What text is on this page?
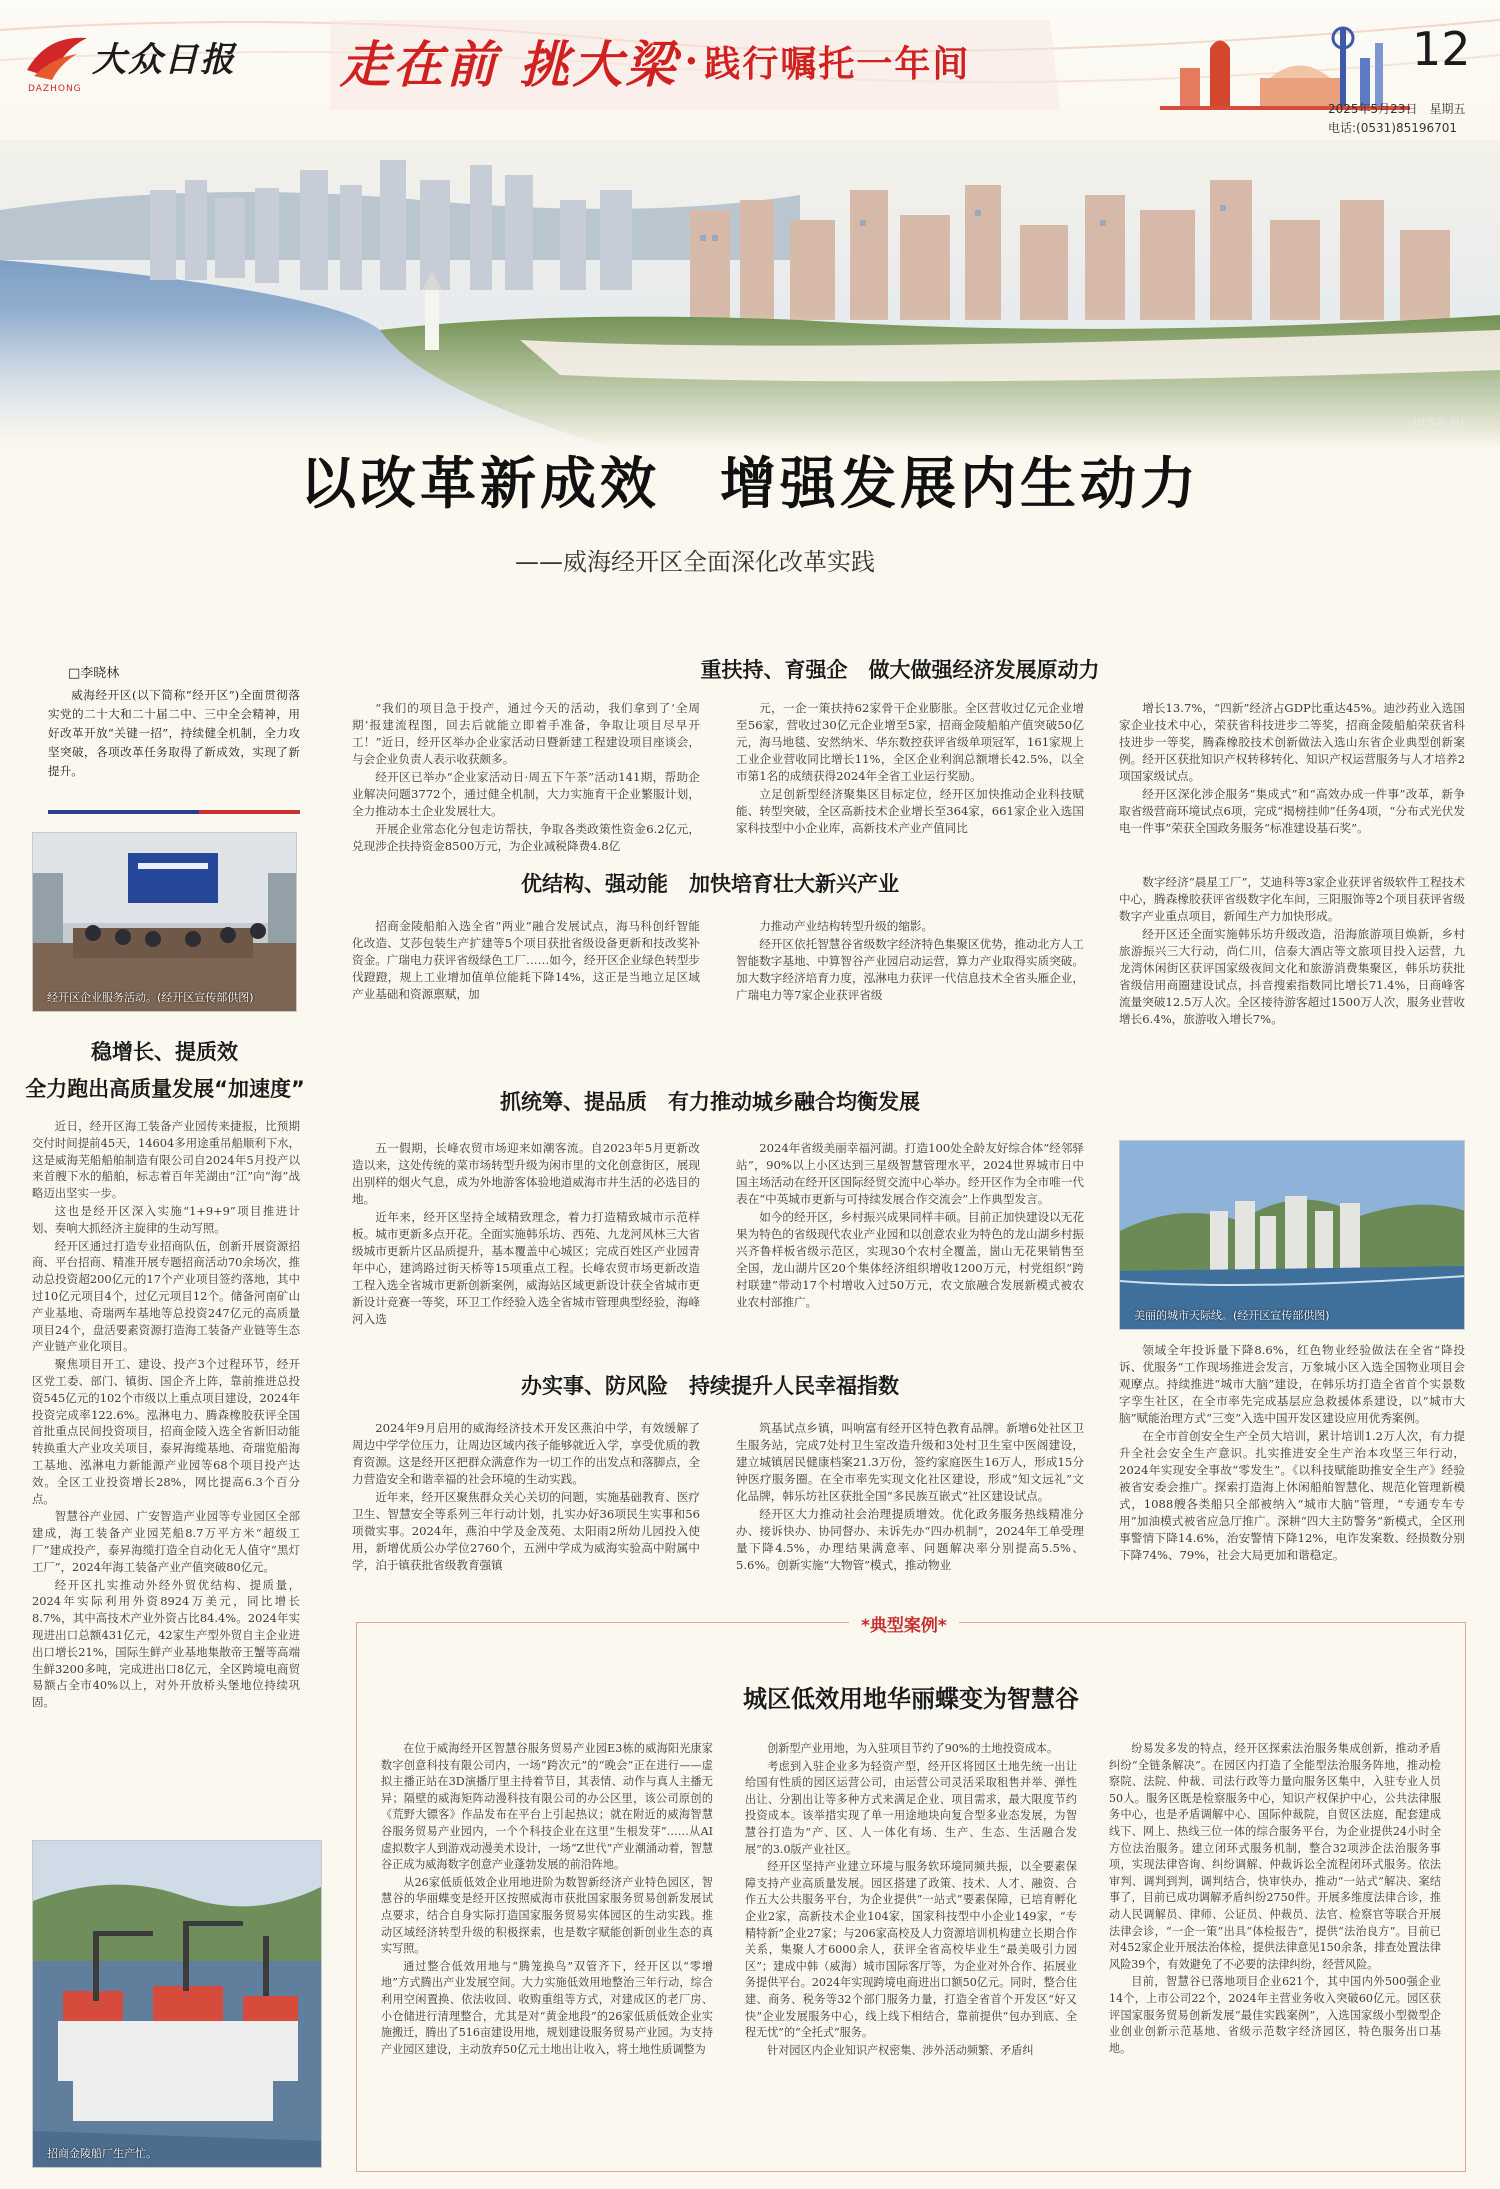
大众日报
DAZHONG	走在前 挑大梁 · 践行嘱托一年间	12
2025年5月23日　星期五
电话:(0531)85196701
(沈安妮 摄)
以改革新成效　增强发展内生动力
——威海经开区全面深化改革实践
□李晓林
威海经开区(以下简称“经开区”)全面贯彻落实党的二十大和二十届二中、三中全会精神，用好改革开放“关键一招”，持续健全机制，全力攻坚突破，各项改革任务取得了新成效，实现了新提升。
经开区企业服务活动。(经开区宣传部供图)
稳增长、提质效
全力跑出高质量发展“加速度”

近日，经开区海工装备产业园传来捷报，比预期交付时间提前45天，14604多用途重吊船顺利下水，这是威海芜船船舶制造有限公司自2024年5月投产以来首艘下水的船舶，标志着百年芜湖由“江”向“海”战略迈出坚实一步。

这也是经开区深入实施“1+9+9”项目推进计划、奏响大抓经济主旋律的生动写照。

经开区通过打造专业招商队伍，创新开展资源招商、平台招商、精准开展专题招商活动70余场次，推动总投资超200亿元的17个产业项目签约落地，其中过10亿元项目4个，过亿元项目12个。储备河南矿山产业基地、奇瑞两车基地等总投资247亿元的高质量项目24个，盘活要素资源打造海工装备产业链等生态产业链产业化项目。

聚焦项目开工、建设、投产3个过程环节，经开区党工委、部门、镇街、国企齐上阵，靠前推进总投资545亿元的102个市级以上重点项目建设，2024年投资完成率122.6%。泓淋电力、腾森橡胶获评全国首批重点民间投资项目，招商金陵入选全省新旧动能转换重大产业攻关项目，泰昇海缆基地、奇瑞览船海工基地、泓淋电力新能源产业园等68个项目投产达效。全区工业投资增长28%，网比提高6.3个百分点。

智慧谷产业园、广安智造产业园等专业园区全部建成，海工装备产业园芜船8.7万平方米“超级工厂”建成投产，泰昇海缆打造全自动化无人值守“黑灯工厂”，2024年海工装备产业产值突破80亿元。

经开区扎实推动外经外贸优结构、提质量，2024年实际利用外资8924万美元，同比增长8.7%，其中高技术产业外资占比84.4%。2024年实现进出口总额431亿元，42家生产型外贸自主企业进出口增长21%，国际生鲜产业基地集散帝王蟹等高端生鲜3200多吨，完成进出口8亿元，全区跨境电商贸易额占全市40%以上，对外开放桥头堡地位持续巩固。

招商金陵船厂生产忙。
重扶持、育强企　做大做强经济发展原动力

“我们的项目急于投产，通过今天的活动，我们拿到了‘全周期’报建流程图，回去后就能立即着手准备，争取让项目尽早开工！”近日，经开区举办企业家活动日暨新建工程建设项目座谈会，与会企业负责人表示收获颇多。

经开区已举办“企业家活动日·周五下午茶”活动141期，帮助企业解决问题3772个，通过健全机制，大力实施育干企业繁服计划，全力推动本土企业发展壮大。

开展企业常态化分包走访帮扶，争取各类政策性资金6.2亿元，兑现涉企扶持资金8500万元，为企业减税降费4.8亿

元，一企一策扶持62家骨干企业膨胀。全区营收过亿元企业增至56家，营收过30亿元企业增至5家，招商金陵船舶产值突破50亿元，海马地毯、安然纳米、华东数控获评省级单项冠军，161家规上工业企业营收同比增长11%，全区企业利润总额增长42.5%，以全市第1名的成绩获得2024年全省工业运行奖励。

立足创新型经济聚集区目标定位，经开区加快推动企业科技赋能、转型突破，全区高新技术企业增长至364家，661家企业入选国家科技型中小企业库，高新技术产业产值同比

增长13.7%，“四新”经济占GDP比重达45%。迪沙药业入选国家企业技术中心，荣获省科技进步二等奖，招商金陵船舶荣获省科技进步一等奖，腾森橡胶技术创新做法入选山东省企业典型创新案例。经开区获批知识产权转移转化、知识产权运营服务与人才培养2项国家级试点。

经开区深化涉企服务“集成式”和“高效办成一件事”改革，新争取省级营商环境试点6项，完成“揭榜挂帅”任务4项，“分布式光伏发电一件事”荣获全国政务服务“标准建设基石奖”。

优结构、强动能　加快培育壮大新兴产业

招商金陵船舶入选全省“两业”融合发展试点，海马科创纤智能化改造、艾莎包装生产扩建等5个项目获批省级设备更新和技改奖补资金。广瑞电力获评省级绿色工厂……如今，经开区企业绿色转型步伐蹬蹬，规上工业增加值单位能耗下降14%，这正是当地立足区域产业基础和资源禀赋，加

力推动产业结构转型升级的缩影。

经开区依托智慧谷省级数字经济特色集聚区优势，推动北方人工智能数字基地、中算智谷产业园启动运营，算力产业取得实质突破。加大数字经济培育力度，泓淋电力获评一代信息技术全省头雁企业，广瑞电力等7家企业获评省级

数字经济“晨星工厂”，艾迪科等3家企业获评省级软件工程技术中心，腾森橡胶获评省级数字化车间，三阳服饰等2个项目获评省级数字产业重点项目，新闻生产力加快形成。

经开区还全面实施韩乐坊升级改造，沿海旅游项目焕新，乡村旅游振兴三大行动，尚仁川，信泰大酒店等文旅项目投入运营，九龙湾休闲街区获评国家级夜间文化和旅游消费集聚区，韩乐坊获批省级信用商圈建设试点，抖音搜索指数同比增长71.4%，日商峰客流量突破12.5万人次。全区接待游客超过1500万人次，服务业营收增长6.4%，旅游收入增长7%。

抓统筹、提品质　有力推动城乡融合均衡发展

五一假期，长峰农贸市场迎来如潮客流。自2023年5月更新改造以来，这处传统的菜市场转型升级为闲市里的文化创意街区，展现出别样的烟火气息，成为外地游客体验地道威海市井生活的必选目的地。

近年来，经开区坚持全域精致理念，着力打造精致城市示范样板。城市更新多点开花。全面实施韩乐坊、西苑、九龙河风林三大省级城市更新片区品质提升，基本覆盖中心城区；完成百姓区产业园青年中心，建鸿路过街天桥等15项重点工程。长峰农贸市场更新改造工程入选全省城市更新创新案例，威海站区域更新设计获全省城市更新设计竞赛一等奖，环卫工作经验入选全省城市管理典型经验，海峰河入选

2024年省级美丽幸福河湖。打造100处全龄友好综合体“经邻驿站”，90%以上小区达到三星级智慧管理水平，2024世界城市日中国主场活动在经开区国际经贸交流中心举办。经开区作为全市唯一代表在“中英城市更新与可持续发展合作交流会”上作典型发言。

如今的经开区，乡村振兴成果同样丰硕。目前正加快建设以无花果为特色的省级现代农业产业园和以创意农业为特色的龙山湖乡村振兴齐鲁样板省级示范区，实现30个农村全覆盖，崮山无花果销售至全国，龙山湖片区20个集体经济组织增收1200万元，村党组织“跨村联建”带动17个村增收入过50万元，农文旅融合发展新模式被农业农村部推广。

美丽的城市天际线。(经开区宣传部供图)
办实事、防风险　持续提升人民幸福指数

2024年9月启用的威海经济技术开发区燕泊中学，有效缓解了周边中学学位压力，让周边区域内孩子能够就近入学，享受优质的教育资源。这是经开区把群众满意作为一切工作的出发点和落脚点，全力营造安全和谐幸福的社会环境的生动实践。

近年来，经开区聚焦群众关心关切的问题，实施基础教育、医疗卫生、智慧安全等系列三年行动计划，扎实办好36项民生实事和56项微实事。2024年，燕泊中学及金茂苑、太阳雨2所幼儿园投入使用，新增优质公办学位2760个，五洲中学成为威海实验高中附属中学，泊于镇获批省级教育强镇

筑基试点乡镇，叫响富有经开区特色教育品牌。新增6处社区卫生服务站，完成7处村卫生室改造升级和3处村卫生室中医阁建设，建立城镇居民健康档案21.3万份，签约家庭医生16万人，形成15分钟医疗服务圈。在全市率先实现文化社区建设，形成“知文远礼”文化品牌，韩乐坊社区获批全国“多民族互嵌式”社区建设试点。

经开区大力推动社会治理提质增效。优化政务服务热线精准分办、接诉快办、协同督办、未诉先办“四办机制”，2024年工单受理量下降4.5%，办理结果满意率、问题解决率分别提高5.5%、5.6%。创新实施“大物管”模式，推动物业

领域全年投诉量下降8.6%，红色物业经验做法在全省“降投诉、优服务”工作现场推进会发言，万象城小区入选全国物业项目会观摩点。持续推进“城市大脑”建设，在韩乐坊打造全省首个实景数字孪生社区，在全市率先完成基层应急救援体系建设，以“城市大脑”赋能治理方式“三变”入选中国开发区建设应用优秀案例。

在全市首创安全生产全员大培训，累计培训1.2万人次，有力提升全社会安全生产意识。扎实推进安全生产治本攻坚三年行动，2024年实现安全事故“零发生”。《以科技赋能助推安全生产》经验被省安委会推广。探索打造海上休闲船舶智慧化、规范化管理新模式，1088艘各类船只全部被纳入“城市大脑”管理，“专通专车专用”加油模式被省应急厅推广。深耕“四大主防警务”新模式，全区刑事警情下降14.6%，治安警情下降12%，电诈发案数、经损数分别下降74%、79%，社会大局更加和谐稳定。

*典型案例*
城区低效用地华丽蝶变为智慧谷

在位于威海经开区智慧谷服务贸易产业园E3栋的威海阳光康家数字创意科技有限公司内，一场“跨次元”的“晚会”正在进行——虚拟主播正站在3D演播厅里主持着节目，其表情、动作与真人主播无异；隔壁的威海矩阵动漫科技有限公司的办公区里，该公司原创的《荒野大镖客》作品发布在平台上引起热议；就在附近的威海智慧谷服务贸易产业园内，一个个科技企业在这里“生根发芽”……从AI虚拟数字人到游戏动漫美术设计，一场“Z世代”产业潮涌动着，智慧谷正成为威海数字创意产业蓬勃发展的前沿阵地。

从26家低质低效企业用地进阶为数智新经济产业特色园区，智慧谷的华丽蝶变是经开区按照威海市获批国家服务贸易创新发展试点要求，结合自身实际打造国家服务贸易实体园区的生动实践。推动区域经济转型升级的积极探索，也是数字赋能创新创业生态的真实写照。

通过整合低效用地与“腾笼换鸟”双管齐下，经开区以“零增地”方式腾出产业发展空间。大力实施低效用地整治三年行动，综合利用空闲置换、依法收回、收购重组等方式，对建成区的老厂房、小仓储进行清理整合，尤其是对“黄金地段”的26家低质低效企业实施搬迁，腾出了516亩建设用地，规划建设服务贸易产业园。为支持产业园区建设，主动放弃50亿元土地出让收入，将土地性质调整为

创新型产业用地，为入驻项目节约了90%的土地投资成本。

考虑到入驻企业多为轻资产型，经开区将园区土地先统一出让给国有性质的园区运营公司，由运营公司灵活采取租售并举、弹性出让、分割出让等多种方式来满足企业、项目需求，最大限度节约投资成本。该举措实现了单一用途地块向复合型多业态发展，为智慧谷打造为“产、区、人一体化有场、生产、生态、生活融合发展”的3.0版产业社区。

经开区坚持产业建立环境与服务软环境同频共振，以全要素保障支持产业高质量发展。园区搭建了政策、技术、人才、融资、合作五大公共服务平台，为企业提供“一站式”要素保障，已培育孵化企业2家，高新技术企业104家，国家科技型中小企业149家，“专精特新”企业27家；与206家高校及人力资源培训机构建立长期合作关系，集聚人才6000余人，获评全省高校毕业生“最美吸引力园区”；建成中韩（威海）城市国际客厅等，为企业对外合作、拓展业务提供平台。2024年实现跨境电商进出口额50亿元。同时，整合住建、商务、税务等32个部门服务力量，打造全省首个开发区“好又快”企业发展服务中心，线上线下相结合，靠前提供“包办到底、全程无忧”的“全托式”服务。

针对园区内企业知识产权密集、涉外活动频繁、矛盾纠

纷易发多发的特点，经开区探索法治服务集成创新，推动矛盾纠纷“全链条解决”。在园区内打造了全能型法治服务阵地，推动检察院、法院、仲裁、司法行政等力量向服务区集中，入驻专业人员50人。服务区既是检察服务中心，知识产权保护中心，公共法律服务中心，也是矛盾调解中心、国际仲裁院，自贸区法庭，配套建成线下、网上、热线三位一体的综合服务平台，为企业提供24小时全方位法治服务。建立闭环式服务机制，整合32项涉企法治服务事项，实现法律咨询、纠纷调解、仲裁诉讼全流程闭环式服务。依法审判、调判到判，调判结合，快审快办，推动“一站式”解决、案结事了，目前已成功调解矛盾纠纷2750件。开展多维度法律合诊，推动人民调解员、律师、公证员、仲裁员、法官、检察官等联合开展法律会诊，“一企一策”出具“体检报告”，提供“法治良方”。目前已对452家企业开展法治体检，提供法律意见150余条，排查处置法律风险39个，有效避免了不必要的法律纠纷，经营风险。

目前，智慧谷已落地项目企业621个，其中国内外500强企业14个，上市公司22个，2024年主营业务收入突破60亿元。园区获评国家服务贸易创新发展“最佳实践案例”，入选国家级小型微型企业创业创新示范基地、省级示范数字经济园区，特色服务出口基地。
